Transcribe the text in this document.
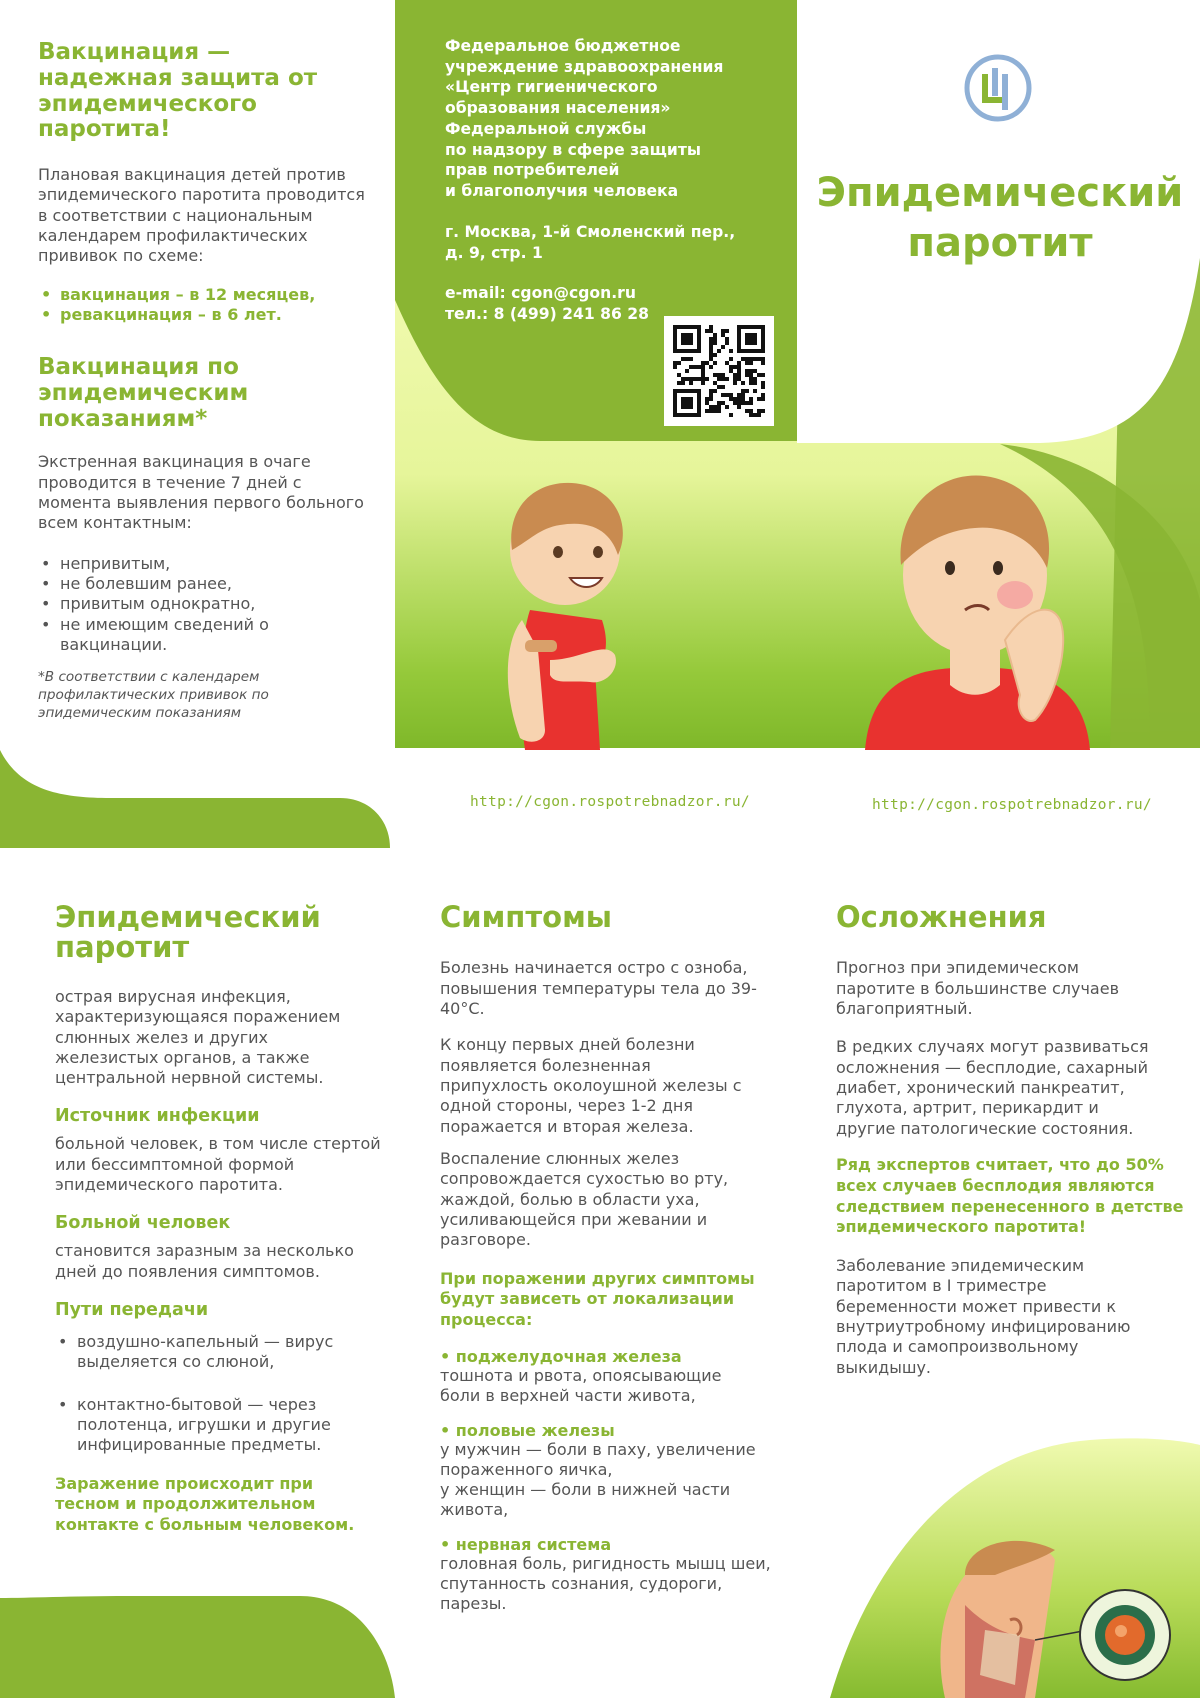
Вакцинация — надежная защита от эпидемического паротита!

Плановая вакцинация детей против эпидемического паротита проводится в соответствии с национальным календарем профилактических прививок по схеме:

• вакцинация – в 12 месяцев,
• ревакцинация – в 6 лет.
Вакцинация по эпидемическим показаниям*

Экстренная вакцинация в очаге проводится в течение 7 дней с момента выявления первого больного всем контактным:

• непривитым,
• не болевшим ранее,
• привитым однократно,
• не имеющим сведений о вакцинации.

*В соответствии с календарем профилактических прививок по эпидемическим показаниям

Федеральное бюджетное
учреждение здравоохранения
«Центр гигиенического
образования населения»
Федеральной службы
по надзору в сфере защиты
прав потребителей
и благополучия человека
г. Москва, 1-й Смоленский пер.,
д. 9, стр. 1
e-mail: cgon@cgon.ru
тел.: 8 (499) 241 86 28
Эпидемический паротит
http://cgon.rospotrebnadzor.ru/	http://cgon.rospotrebnadzor.ru/
Эпидемический паротит

острая вирусная инфекция, характеризующаяся поражением слюнных желез и других железистых органов, а также центральной нервной системы.

Источник инфекции

больной человек, в том числе стертой или бессимптомной формой эпидемического паротита.

Больной человек

становится заразным за несколько дней до появления симптомов.

Пути передачи
• воздушно-капельный — вирус выделяется со слюной,
• контактно-бытовой — через полотенца, игрушки и другие инфицированные предметы.

Заражение происходит при тесном и продолжительном контакте с больным человеком.

Симптомы

Болезнь начинается остро с озноба, повышения температуры тела до 39-40°С.

К концу первых дней болезни появляется болезненная припухлость околоушной железы с одной стороны, через 1-2 дня поражается и вторая железа.

Воспаление слюнных желез сопровождается сухостью во рту, жаждой, болью в области уха, усиливающейся при жевании и разговоре.

При поражении других симптомы будут зависеть от локализации процесса:

• поджелудочная железа

тошнота и рвота, опоясывающие боли в верхней части живота,

• половые железы

у мужчин — боли в паху, увеличение пораженного яичка,

у женщин — боли в нижней части живота,

• нервная система

головная боль, ригидность мышц шеи, спутанность сознания, судороги, парезы.

Осложнения

Прогноз при эпидемическом паротите в большинстве случаев благоприятный.

В редких случаях могут развиваться осложнения — бесплодие, сахарный диабет, хронический панкреатит, глухота, артрит, перикардит и другие патологические состояния.

Ряд экспертов считает, что до 50% всех случаев бесплодия являются следствием перенесенного в детстве эпидемического паротита!

Заболевание эпидемическим паротитом в I триместре беременности может привести к внутриутробному инфицированию плода и самопроизвольному выкидышу.
